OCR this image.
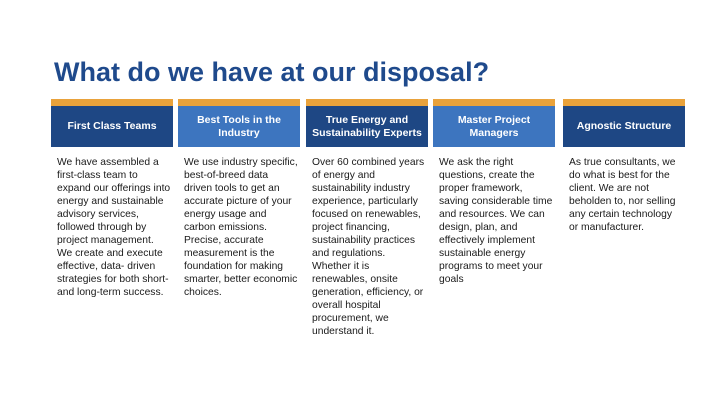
What do we have at our disposal?
First Class Teams
We have assembled a first-class team to expand our offerings into energy and sustainable advisory services, followed through by project management. We create and execute effective, data- driven strategies for both short- and long-term success.
Best Tools in the Industry
We use industry specific, best-of-breed data driven tools to get an accurate picture of your energy usage and carbon emissions. Precise, accurate measurement is the foundation for making smarter, better economic choices.
True Energy and Sustainability Experts
Over 60 combined years of energy and sustainability industry experience, particularly focused on renewables, project financing, sustainability practices and regulations. Whether it is renewables, onsite generation, efficiency, or overall hospital procurement, we understand it.
Master Project Managers
We ask the right questions, create the proper framework, saving considerable time and resources. We can design, plan, and effectively implement sustainable energy programs to meet your goals
Agnostic Structure
As true consultants, we do what is best for the client. We are not beholden to, nor selling any certain technology or manufacturer.
